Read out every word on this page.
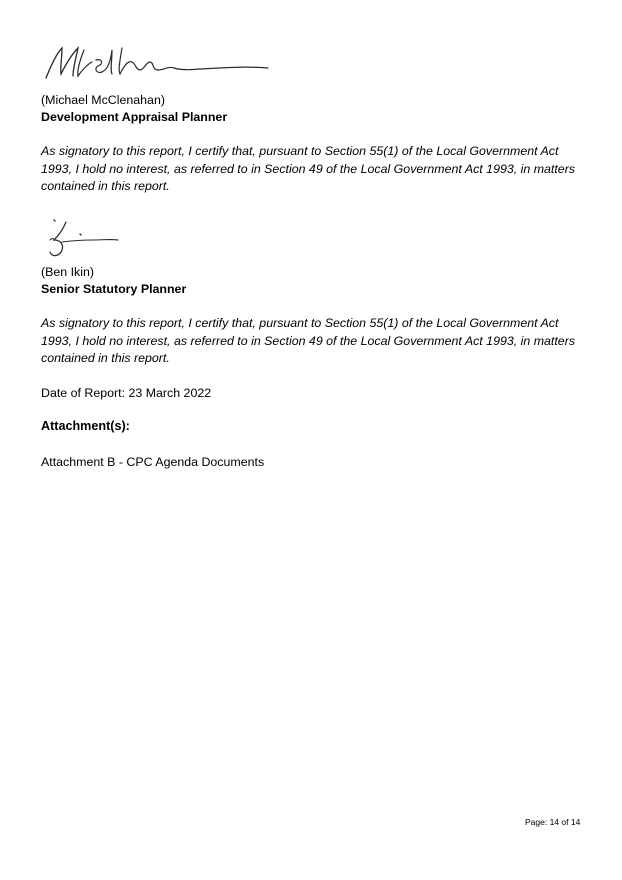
(Michael McClenahan)
Development Appraisal Planner
As signatory to this report, I certify that, pursuant to Section 55(1) of the Local Government Act 1993, I hold no interest, as referred to in Section 49 of the Local Government Act 1993, in matters contained in this report.
(Ben Ikin)
Senior Statutory Planner
As signatory to this report, I certify that, pursuant to Section 55(1) of the Local Government Act 1993, I hold no interest, as referred to in Section 49 of the Local Government Act 1993, in matters contained in this report.
Date of Report: 23 March 2022
Attachment(s):
Attachment B - CPC Agenda Documents
Page: 14 of 14
